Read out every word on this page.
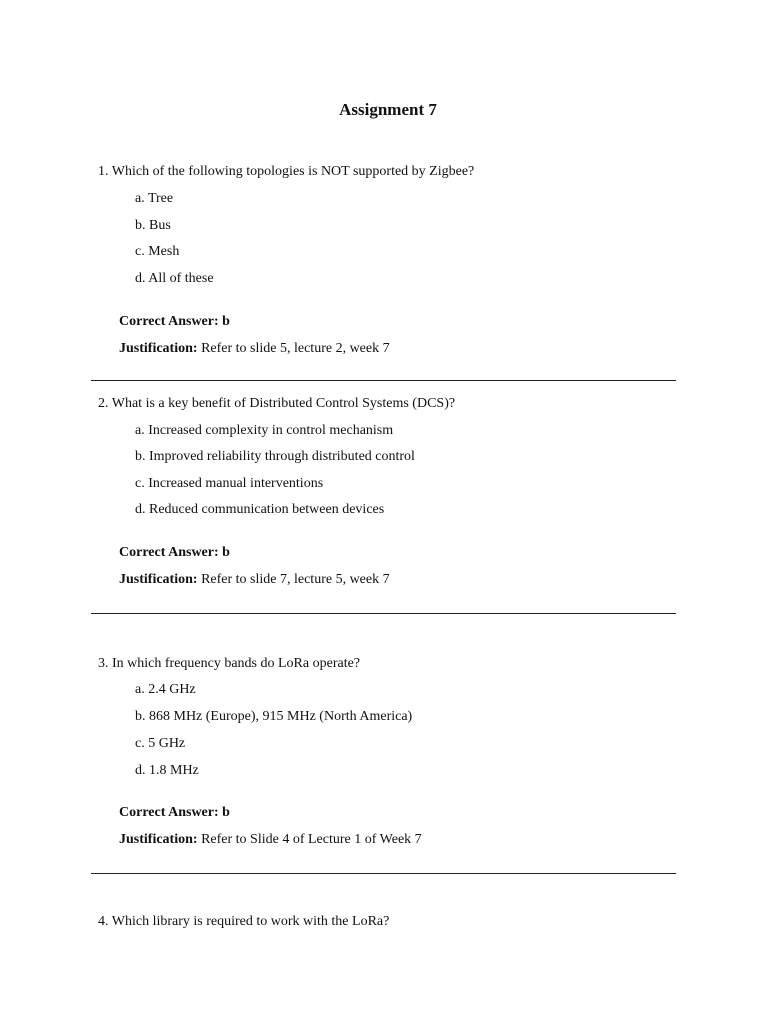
Assignment 7
1. Which of the following topologies is NOT supported by Zigbee?
a. Tree
b. Bus
c. Mesh
d. All of these
Correct Answer: b
Justification: Refer to slide 5, lecture 2, week 7
2. What is a key benefit of Distributed Control Systems (DCS)?
a. Increased complexity in control mechanism
b. Improved reliability through distributed control
c. Increased manual interventions
d. Reduced communication between devices
Correct Answer: b
Justification: Refer to slide 7, lecture 5, week 7
3. In which frequency bands do LoRa operate?
a. 2.4 GHz
b. 868 MHz (Europe), 915 MHz (North America)
c. 5 GHz
d. 1.8 MHz
Correct Answer: b
Justification: Refer to Slide 4 of Lecture 1 of Week 7
4. Which library is required to work with the LoRa?
